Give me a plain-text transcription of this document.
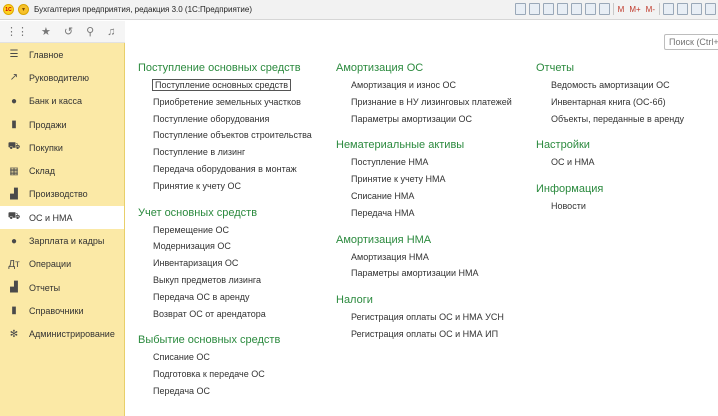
1С	▾	Бухгалтерия предприятия, редакция 3.0 (1С:Предприятие)	M M+ M-
⋮⋮ ★ ↺ ⚲ ♫
☰ Главное
↗ Руководителю
●	Банк и касса
▮	Продажи
⛟ Покупки
▦ Склад
▟ Производство
⛟ ОС и НМА
●	Зарплата и кадры
Дт Операции
▟ Отчеты
▮	Справочники
✻ Администрирование
Поиск (Ctrl+F)
Поступление основных средств
Поступление основных средств
Приобретение земельных участков
Поступление оборудования
Поступление объектов строительства
Поступление в лизинг
Передача оборудования в монтаж
Принятие к учету ОС
Учет основных средств
Перемещение ОС
Модернизация ОС
Инвентаризация ОС
Выкуп предметов лизинга
Передача ОС в аренду
Возврат ОС от арендатора
Выбытие основных средств
Списание ОС
Подготовка к передаче ОС
Передача ОС
Амортизация ОС
Амортизация и износ ОС
Признание в НУ лизинговых платежей
Параметры амортизации ОС
Нематериальные активы
Поступление НМА
Принятие к учету НМА
Списание НМА
Передача НМА
Амортизация НМА
Амортизация НМА
Параметры амортизации НМА
Налоги
Регистрация оплаты ОС и НМА УСН
Регистрация оплаты ОС и НМА ИП
Отчеты
Ведомость амортизации ОС
Инвентарная книга (ОС-6б)
Объекты, переданные в аренду
Настройки
ОС и НМА
Информация
Новости
